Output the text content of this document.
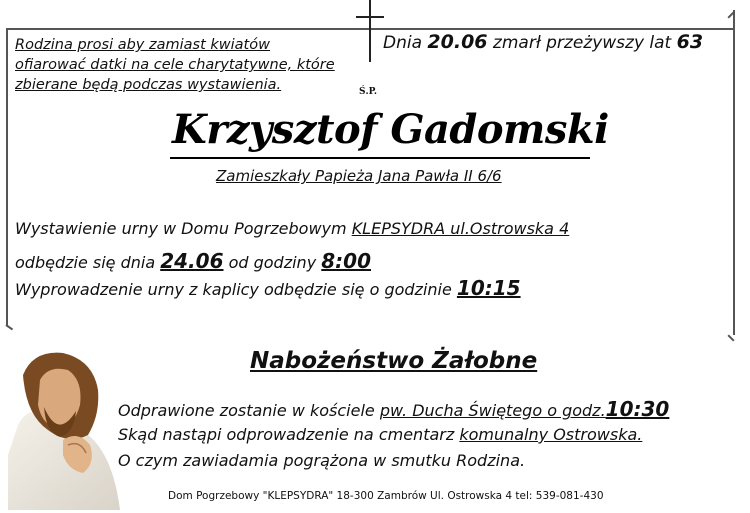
Rodzina prosi aby zamiast kwiatów
ofiarować datki na cele charytatywne, które
zbierane będą podczas wystawienia.
Dnia 20.06 zmarł przeżywszy lat 63
Ś.P.
Krzysztof Gadomski
Zamieszkały Papieża Jana Pawła II 6/6
Wystawienie urny w Domu Pogrzebowym KLEPSYDRA ul.Ostrowska 4
odbędzie się dnia 24.06 od godziny 8:00
Wyprowadzenie urny z kaplicy odbędzie się o godzinie 10:15
Nabożeństwo Żałobne
Odprawione zostanie w kościele pw. Ducha Świętego o godz.10:30
Skąd nastąpi odprowadzenie na cmentarz komunalny Ostrowska.
O czym zawiadamia pogrążona w smutku Rodzina.
Dom Pogrzebowy "KLEPSYDRA" 18-300 Zambrów Ul. Ostrowska 4 tel: 539-081-430
